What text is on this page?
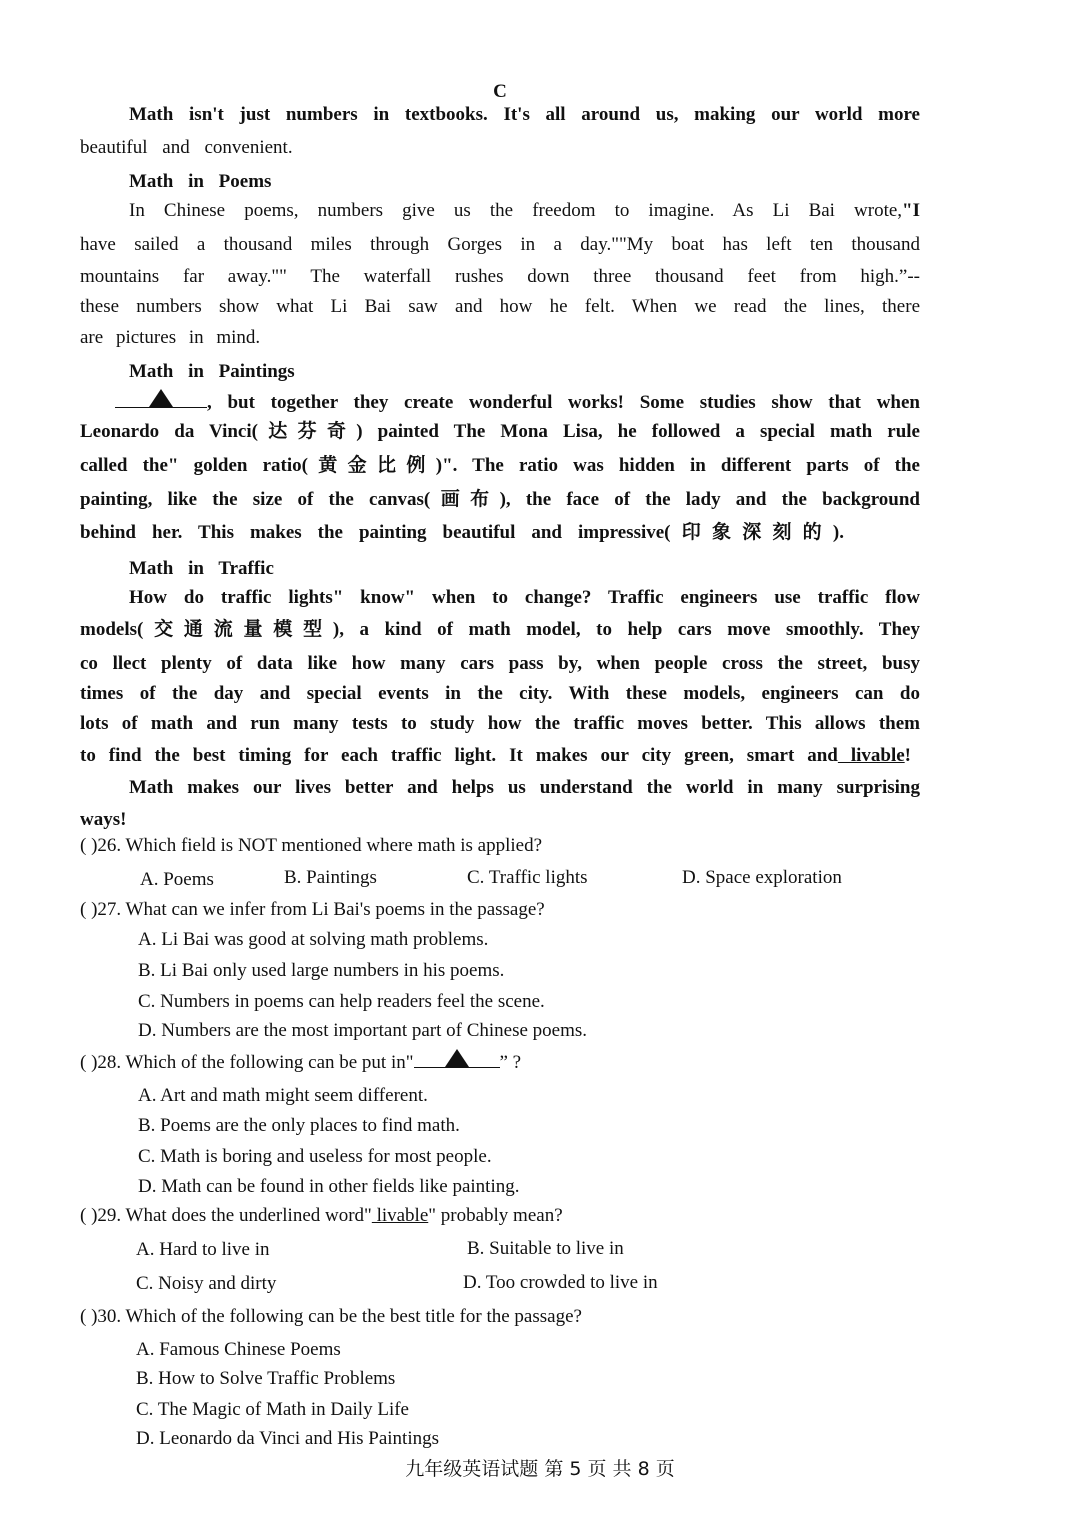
C
Math isn't just numbers in textbooks. It's all around us, making our world more
beautiful and convenient.
Math in Poems
In Chinese poems, numbers give us the freedom to imagine. As Li Bai wrote,"I
have sailed a thousand miles through Gorges in a day.""My boat has left ten thousand
mountains far away."" The waterfall rushes down three thousand feet from high.”--
these numbers show what Li Bai saw and how he felt. When we read the lines, there
are pictures in mind.
Math in Paintings
, but together they create wonderful works! Some studies show that when
Leonardo da Vinci(达芬奇) painted The Mona Lisa, he followed a special math rule
called the" golden ratio(黄金比例)". The ratio was hidden in different parts of the
painting, like the size of the canvas(画布), the face of the lady and the background
behind her. This makes the painting beautiful and impressive(印象深刻的).
Math in Traffic
How do traffic lights" know" when to change? Traffic engineers use traffic flow
models(交通流量模型), a kind of math model, to help cars move smoothly. They
co llect plenty of data like how many cars pass by, when people cross the street, busy
times of the day and special events in the city. With these models, engineers can do
lots of math and run many tests to study how the traffic moves better. This allows them
to find the best timing for each traffic light. It makes our city green, smart and livable!
Math makes our lives better and helps us understand the world in many surprising
ways!
( )26. Which field is NOT mentioned where math is applied?
A. Poems	B. Paintings	C. Traffic lights	D. Space exploration
( )27. What can we infer from Li Bai's poems in the passage?
A. Li Bai was good at solving math problems.
B. Li Bai only used large numbers in his poems.
C. Numbers in poems can help readers feel the scene.
D. Numbers are the most important part of Chinese poems.
( )28. Which of the following can be put in"	” ?
A. Art and math might seem different.
B. Poems are the only places to find math.
C. Math is boring and useless for most people.
D. Math can be found in other fields like painting.
( )29. What does the underlined word" livable" probably mean?
A. Hard to live in	B. Suitable to live in
C. Noisy and dirty	D. Too crowded to live in
( )30. Which of the following can be the best title for the passage?
A. Famous Chinese Poems
B. How to Solve Traffic Problems
C. The Magic of Math in Daily Life
D. Leonardo da Vinci and His Paintings
九年级英语试题 第 5 页 共 8 页
